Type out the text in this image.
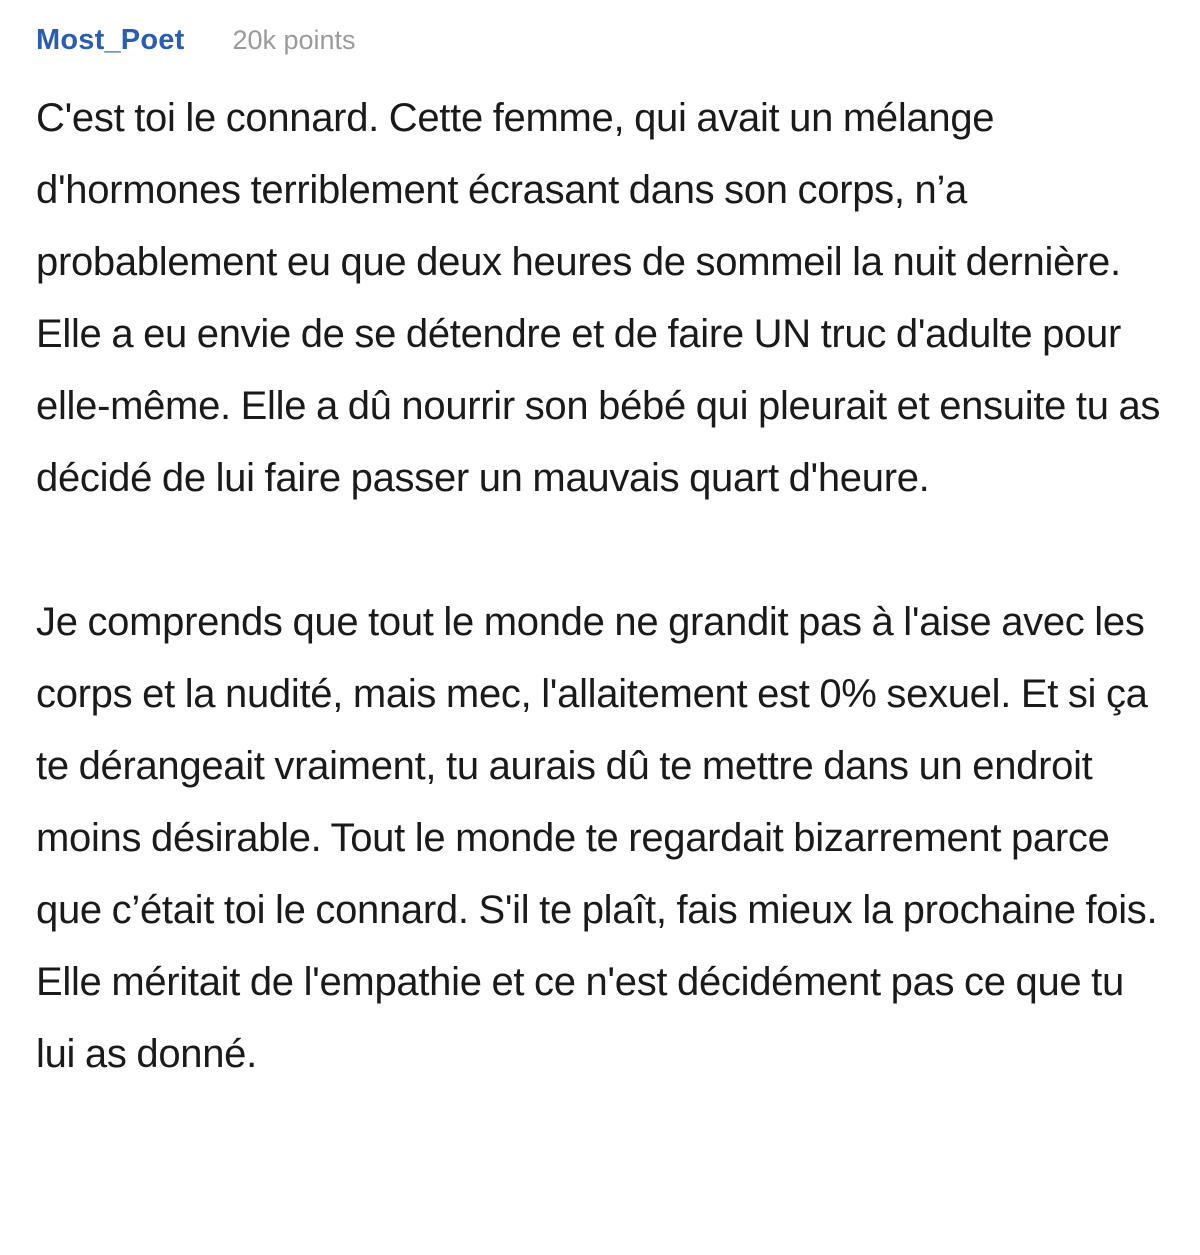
Most_Poet 20k points

C'est toi le connard. Cette femme, qui avait un mélange d'hormones terriblement écrasant dans son corps, n’a probablement eu que deux heures de sommeil la nuit dernière. Elle a eu envie de se détendre et de faire UN truc d'adulte pour elle-même. Elle a dû nourrir son bébé qui pleurait et ensuite tu as décidé de lui faire passer un mauvais quart d'heure.

Je comprends que tout le monde ne grandit pas à l'aise avec les corps et la nudité, mais mec, l'allaitement est 0% sexuel. Et si ça te dérangeait vraiment, tu aurais dû te mettre dans un endroit moins désirable. Tout le monde te regardait bizarrement parce que c’était toi le connard. S'il te plaît, fais mieux la prochaine fois. Elle méritait de l'empathie et ce n'est décidément pas ce que tu lui as donné.
